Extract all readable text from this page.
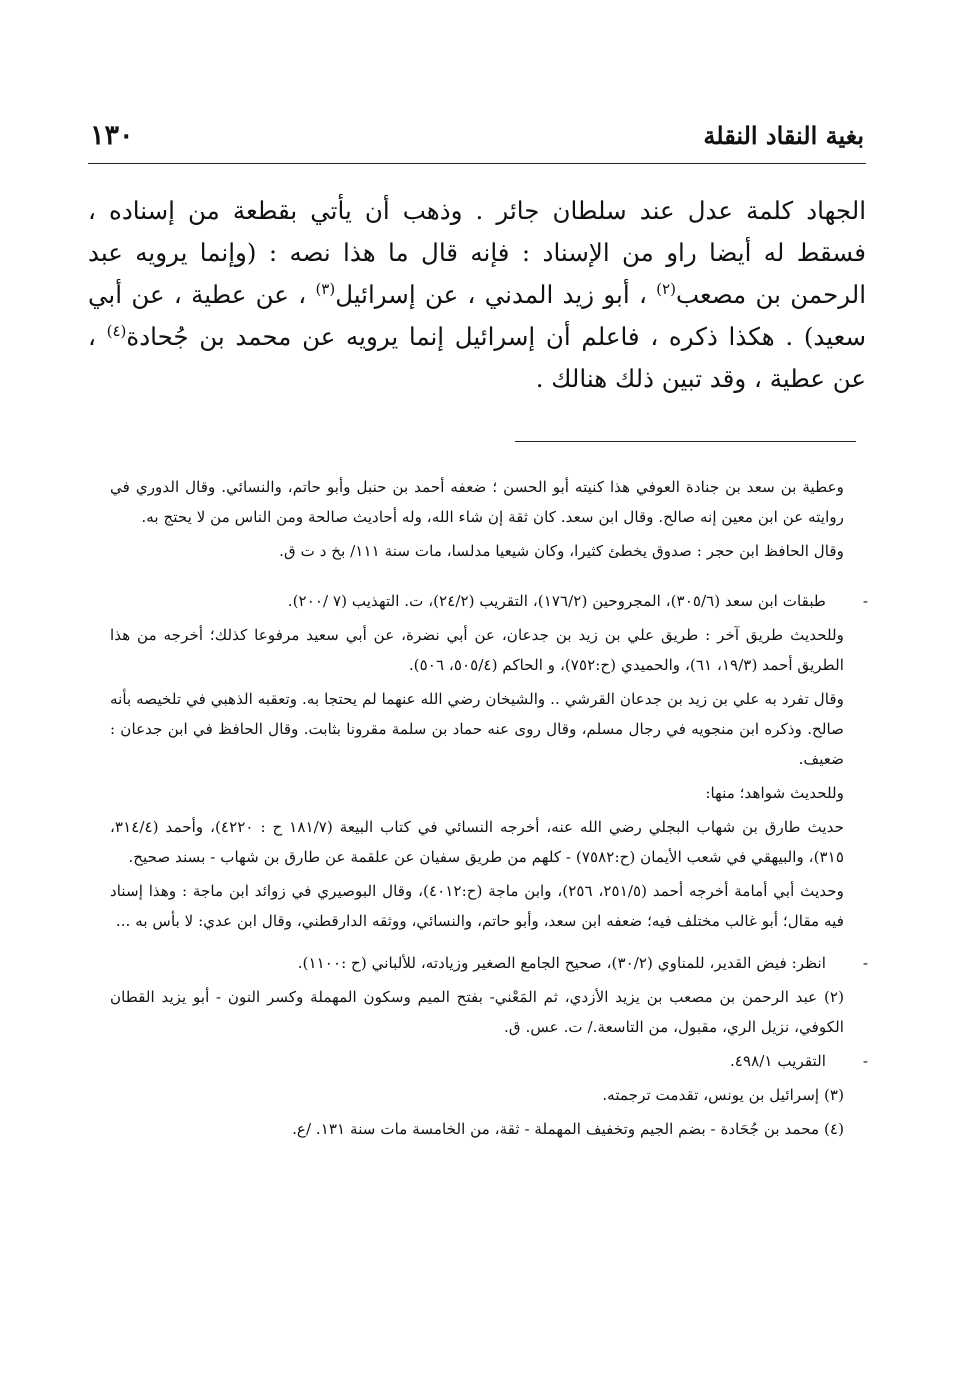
١٣٠	بغية النقاد النقلة

الجهاد كلمة عدل عند سلطان جائر . وذهب أن يأتي بقطعة من إسناده ، فسقط له أيضا راو من الإسناد : فإنه قال ما هذا نصه : (وإنما يرويه عبد الرحمن بن مصعب$^{(٢)}$ ، أبو زيد المدني ، عن إسرائيل$^{(٣)}$ ، عن عطية ، عن أبي سعيد) . هكذا ذكره ، فاعلم أن إسرائيل إنما يرويه عن محمد بن جُحادة$^{(٤)}$ ، عن عطية ، وقد تبين ذلك هنالك .

وعطية بن سعد بن جنادة العوفي هذا كنيته أبو الحسن ؛ ضعفه أحمد بن حنبل وأبو حاتم، والنسائي. وقال الدوري في روايته عن ابن معين إنه صالح. وقال ابن سعد. كان ثقة إن شاء الله، وله أحاديث صالحة ومن الناس من لا يحتج به.

وقال الحافظ ابن حجر : صدوق يخطئ كثيرا، وكان شيعيا مدلسا، مات سنة ١١١/ بخ د ت ق.

-
طبقات ابن سعد (٣٠٥/٦)، المجروحين (١٧٦/٢)، التقريب (٢٤/٢)، ت. التهذيب (٧ /٢٠٠).

وللحديث طريق آخر : طريق علي بن زيد بن جدعان، عن أبي نضرة، عن أبي سعيد مرفوعا كذلك؛ أخرجه من هذا الطريق أحمد (١٩/٣، ٦١)، والحميدي (ح:٧٥٢)، و الحاكم (٥٠٥/٤، ٥٠٦).

وقال تفرد به علي بن زيد بن جدعان القرشي .. والشيخان رضي الله عنهما لم يحتجا به. وتعقبه الذهبي في تلخيصه بأنه صالح. وذكره ابن منجويه في رجال مسلم، وقال روى عنه حماد بن سلمة مقرونا بثابت. وقال الحافظ في ابن جدعان : ضعيف.

وللحديث شواهد؛ منها:

حديث طارق بن شهاب البجلي رضي الله عنه، أخرجه النسائي في كتاب البيعة (١٨١/٧ ح : ٤٢٢٠)، وأحمد (٣١٤/٤، ٣١٥)، والبيهقي في شعب الأيمان (ح:٧٥٨٢) - كلهم من طريق سفيان عن علقمة عن طارق بن شهاب - بسند صحيح.

وحديث أبي أمامة أخرجه أحمد (٢٥١/٥، ٢٥٦)، وابن ماجة (ح:٤٠١٢)، وقال البوصيري في زوائد ابن ماجة : وهذا إسناد فيه مقال؛ أبو غالب مختلف فيه؛ ضعفه ابن سعد، وأبو حاتم، والنسائي، ووثقه الدارقطني، وقال ابن عدي: لا بأس به ...

-
انظر: فيض القدير، للمناوي (٣٠/٢)، صحيح الجامع الصغير وزيادته، للألباني (ح :١١٠٠).

(٢) عبد الرحمن بن مصعب بن يزيد الأزدي، ثم المَعْني- بفتح الميم وسكون المهملة وكسر النون - أبو يزيد القطان الكوفي، نزيل الري، مقبول، من التاسعة./ ت. عس. ق.

-
التقريب ٤٩٨/١.

(٣) إسرائيل بن يونس، تقدمت ترجمته.

(٤) محمد بن جُحَادة - بضم الجيم وتخفيف المهملة - ثقة، من الخامسة مات سنة ١٣١. /ع.
